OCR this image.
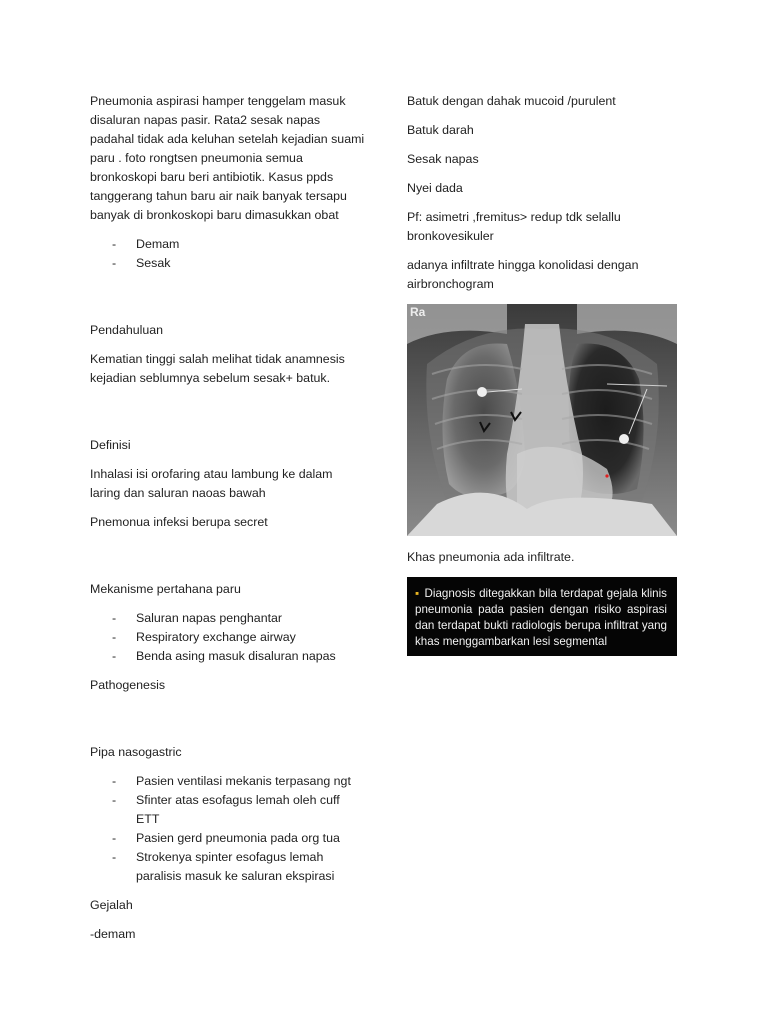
Pneumonia aspirasi hamper tenggelam masuk disaluran napas pasir. Rata2 sesak napas padahal tidak ada keluhan setelah kejadian suami paru . foto rongtsen pneumonia semua bronkoskopi baru beri antibiotik. Kasus ppds tanggerang tahun baru air naik banyak tersapu banyak di bronkoskopi baru dimasukkan obat

- Demam
- Sesak

Pendahuluan

Kematian tinggi salah melihat tidak anamnesis kejadian seblumnya sebelum sesak+ batuk.

Definisi

Inhalasi isi orofaring atau lambung ke dalam laring dan saluran naoas bawah

Pnemonua infeksi berupa secret

Mekanisme pertahana paru

- Saluran napas penghantar
- Respiratory exchange airway
- Benda asing masuk disaluran napas

Pathogenesis

Pipa nasogastric

- Pasien ventilasi mekanis terpasang ngt
- Sfinter atas esofagus lemah oleh cuff ETT
- Pasien gerd pneumonia pada org tua
- Strokenya spinter esofagus lemah paralisis masuk ke saluran ekspirasi

Gejalah

-demam

Batuk dengan dahak mucoid /purulent

Batuk darah

Sesak napas

Nyei dada

Pf: asimetri ,fremitus> redup tdk selallu bronkovesikuler

adanya infiltrate hingga konolidasi dengan airbronchogram

Ra

Khas pneumonia ada infiltrate.

▪ Diagnosis ditegakkan bila terdapat gejala klinis pneumonia pada pasien dengan risiko aspirasi dan terdapat bukti radiologis berupa infiltrat yang khas menggambarkan lesi segmental
